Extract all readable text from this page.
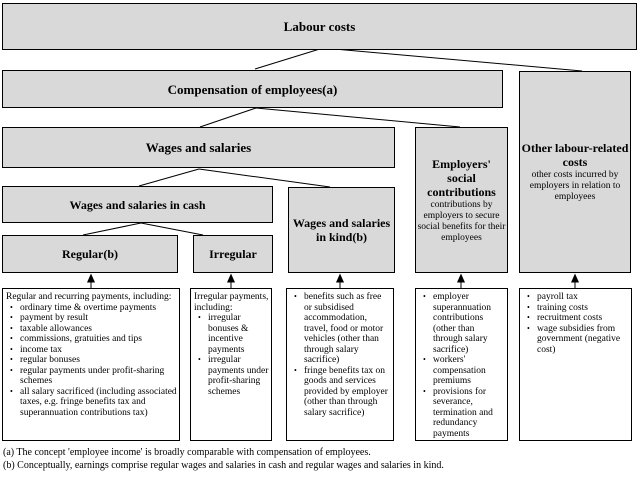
Labour costs
Compensation of employees(a)
Other labour-related costs
other costs incurred by employers in relation to employees
Wages and salaries
Employers' social contributions
contributions by employers to secure social benefits for their employees
Wages and salaries in cash
Wages and salaries in kind(b)
Regular(b)	Irregular

Regular and recurring payments, including:

• ordinary time & overtime payments
• payment by result
• taxable allowances
• commissions, gratuities and tips
• income tax
• regular bonuses
• regular payments under profit-sharing schemes
• all salary sacrificed (including associated taxes, e.g. fringe benefits tax and superannuation contributions tax)

Irregular payments, including:

• irregular bonuses & incentive payments
• irregular payments under profit-sharing schemes
• benefits such as free or subsidised accommodation, travel, food or motor vehicles (other than through salary sacrifice)
• fringe benefits tax on goods and services provided by employer (other than through salary sacrifice)
• employer superannuation contributions (other than through salary sacrifice)
• workers' compensation premiums
• provisions for severance, termination and redundancy payments
• payroll tax
• training costs
• recruitment costs
• wage subsidies from government (negative cost)

(a) The concept 'employee income' is broadly comparable with compensation of employees.

(b) Conceptually, earnings comprise regular wages and salaries in cash and regular wages and salaries in kind.
